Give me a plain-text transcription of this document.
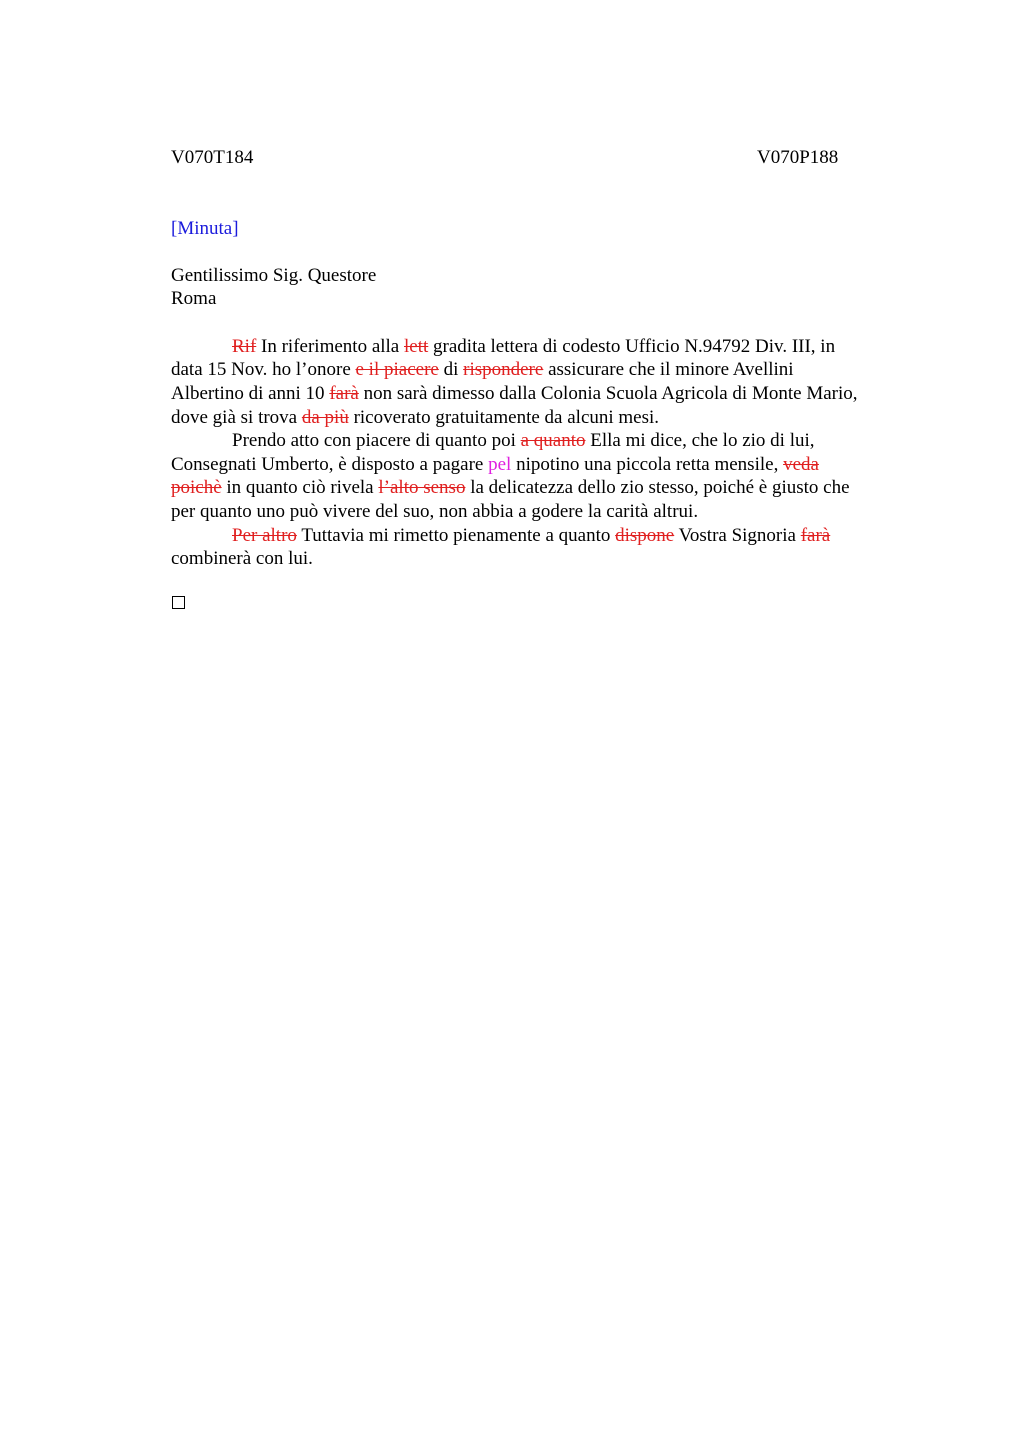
V070T184	V070P188
[Minuta]
Gentilissimo Sig. Questore
Roma

Rif In riferimento alla lett gradita lettera di codesto Ufficio N.94792 Div. III, in
data 15 Nov. ho l’onore e il piacere di rispondere assicurare che il minore Avellini
Albertino di anni 10 farà non sarà dimesso dalla Colonia Scuola Agricola di Monte Mario,
dove già si trova da più ricoverato gratuitamente da alcuni mesi.

Prendo atto con piacere di quanto poi a quanto Ella mi dice, che lo zio di lui,
Consegnati Umberto, è disposto a pagare pel nipotino una piccola retta mensile, veda
poichè in quanto ciò rivela l’alto senso la delicatezza dello zio stesso, poiché è giusto che
per quanto uno può vivere del suo, non abbia a godere la carità altrui.

Per altro Tuttavia mi rimetto pienamente a quanto dispone Vostra Signoria farà
combinerà con lui.
